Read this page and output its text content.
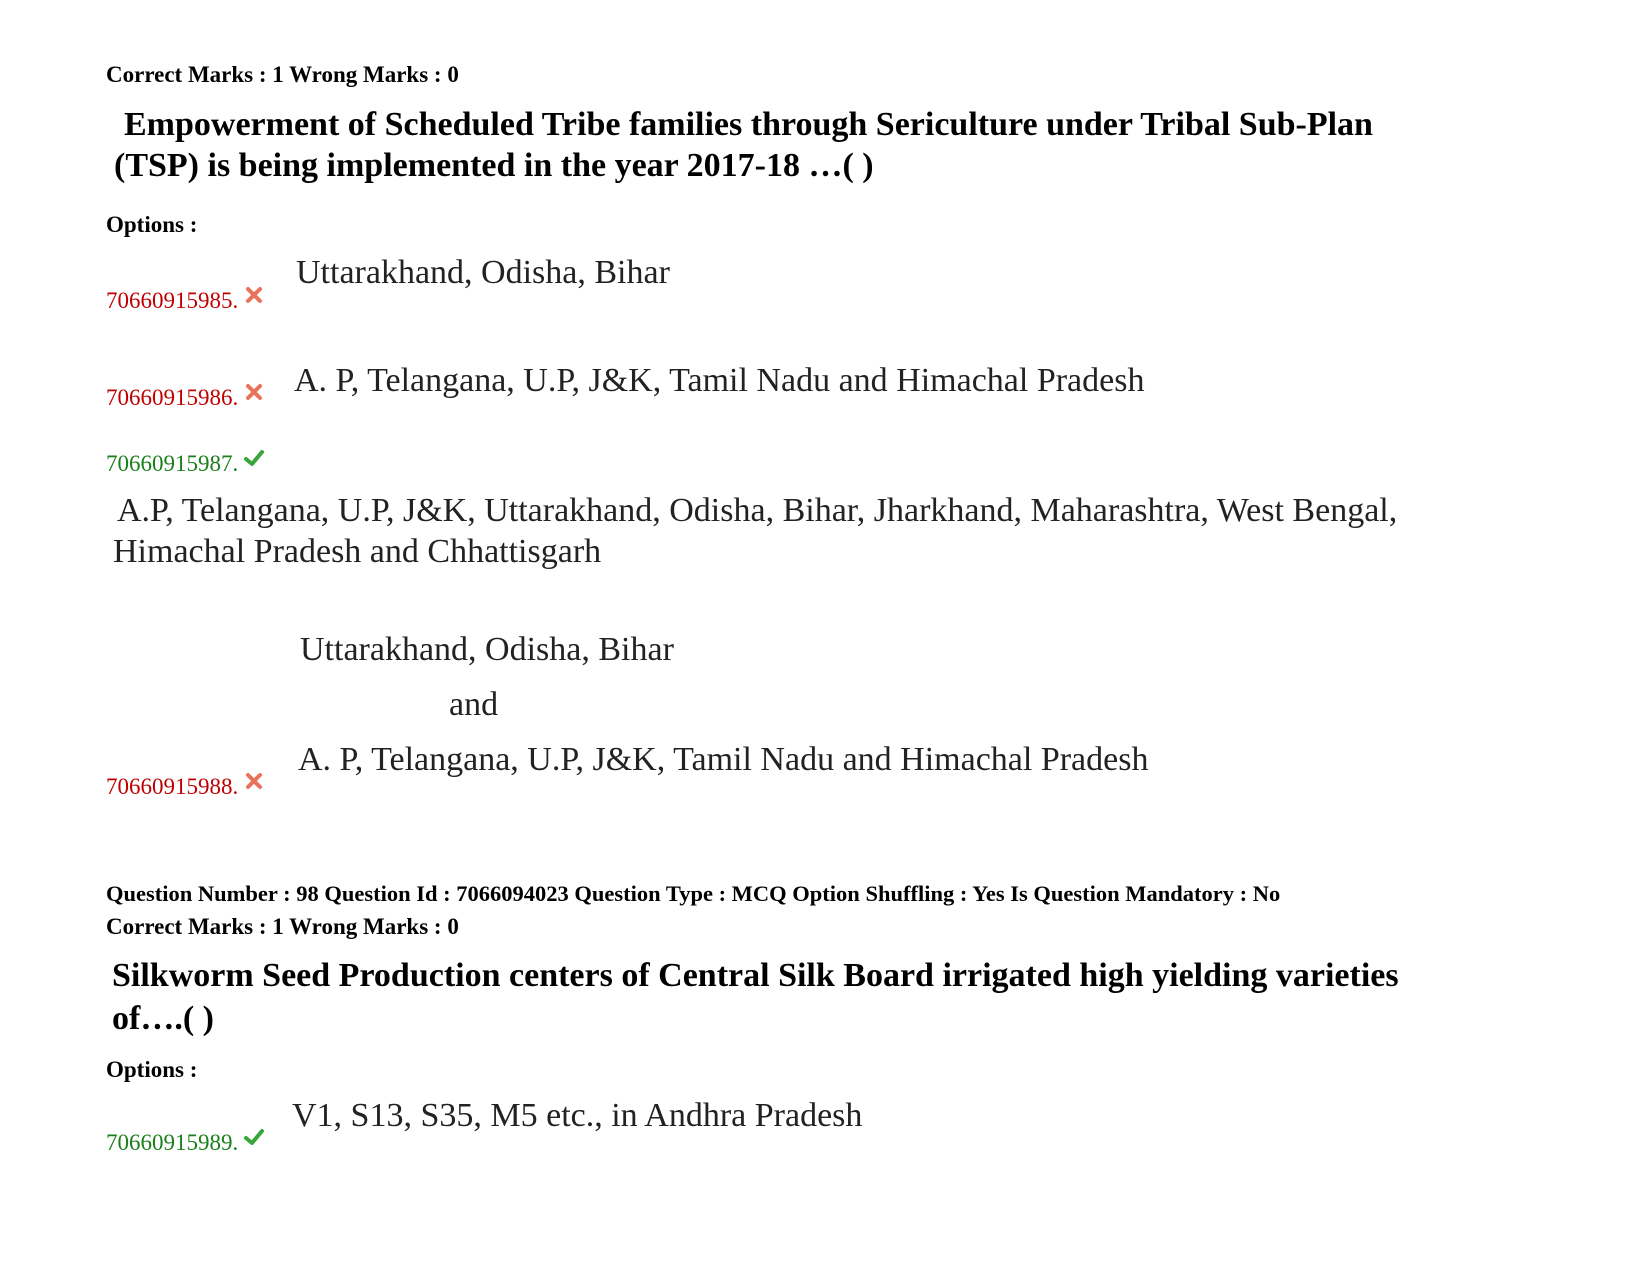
Correct Marks : 1 Wrong Marks : 0
Empowerment of Scheduled Tribe families through Sericulture under Tribal Sub-Plan
(TSP) is being implemented in the year 2017-18 …( )
Options :
Uttarakhand, Odisha, Bihar
70660915985.
A. P, Telangana, U.P, J&K, Tamil Nadu and Himachal Pradesh
70660915986.
70660915987.
A.P, Telangana, U.P, J&K, Uttarakhand, Odisha, Bihar, Jharkhand, Maharashtra, West Bengal,
Himachal Pradesh and Chhattisgarh
Uttarakhand, Odisha, Bihar
and
A. P, Telangana, U.P, J&K, Tamil Nadu and Himachal Pradesh
70660915988.
Question Number : 98 Question Id : 7066094023 Question Type : MCQ Option Shuffling : Yes Is Question Mandatory : No
Correct Marks : 1 Wrong Marks : 0
Silkworm Seed Production centers of Central Silk Board irrigated high yielding varieties
of….( )
Options :
V1, S13, S35, M5 etc., in Andhra Pradesh
70660915989.
